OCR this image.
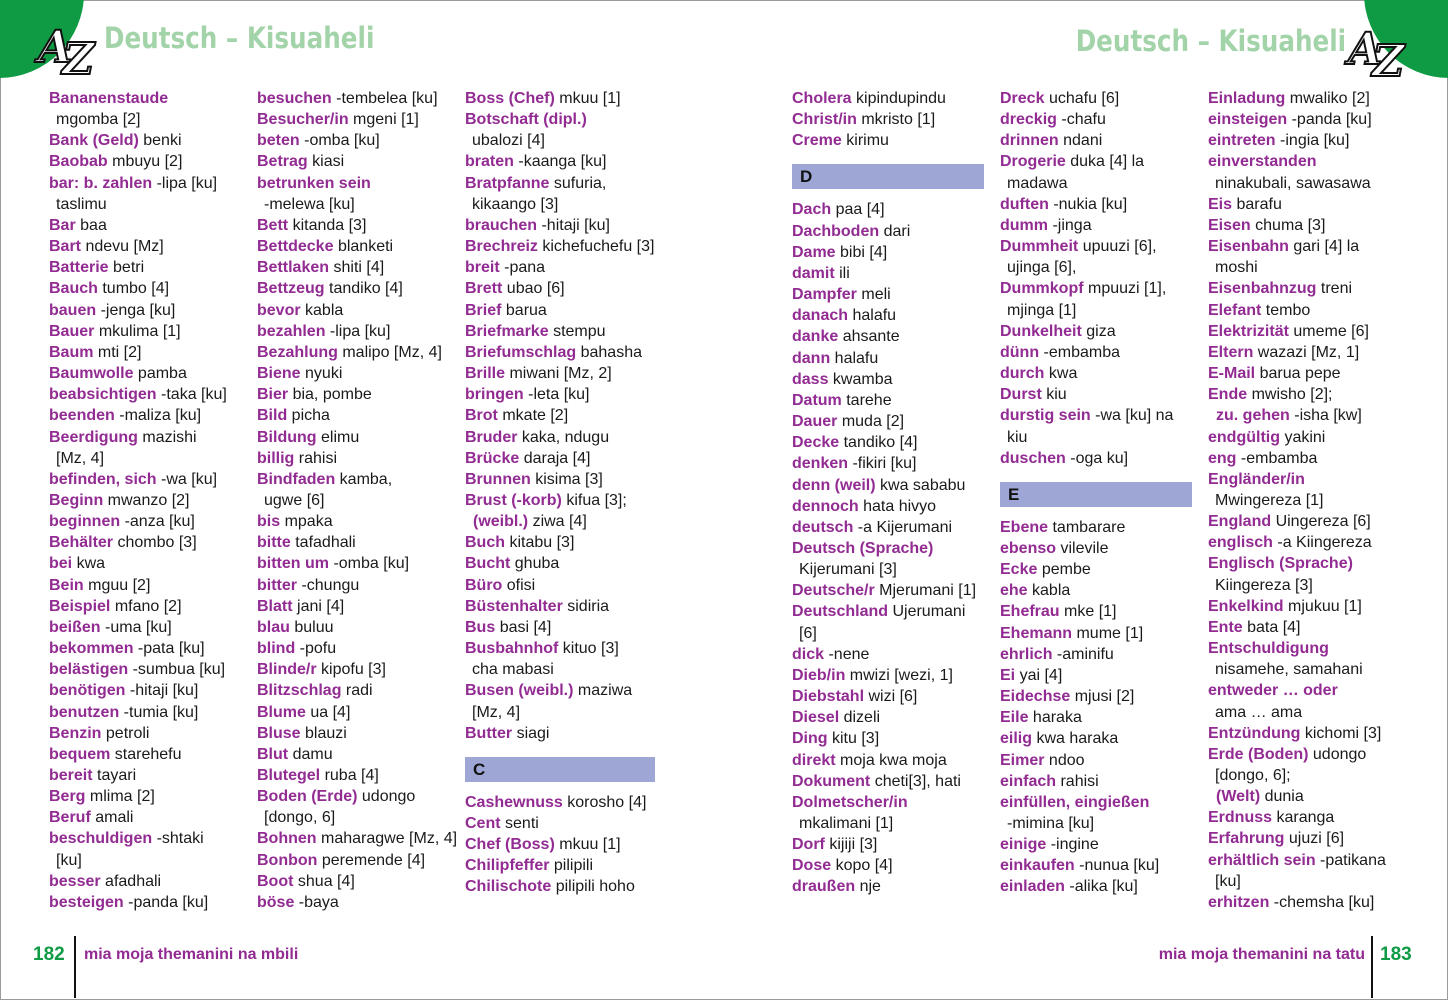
AZ	AZ
Deutsch – Kisuaheli	Deutsch – Kisuaheli
Bananenstaude
mgomba [2]
Bank (Geld) benki
Baobab mbuyu [2]
bar: b. zahlen -lipa [ku]
taslimu
Bar baa
Bart ndevu [Mz]
Batterie betri
Bauch tumbo [4]
bauen -jenga [ku]
Bauer mkulima [1]
Baum mti [2]
Baumwolle pamba
beabsichtigen -taka [ku]
beenden -maliza [ku]
Beerdigung mazishi
[Mz, 4]
befinden, sich -wa [ku]
Beginn mwanzo [2]
beginnen -anza [ku]
Behälter chombo [3]
bei kwa
Bein mguu [2]
Beispiel mfano [2]
beißen -uma [ku]
bekommen -pata [ku]
belästigen -sumbua [ku]
benötigen -hitaji [ku]
benutzen -tumia [ku]
Benzin petroli
bequem starehefu
bereit tayari
Berg mlima [2]
Beruf amali
beschuldigen -shtaki
[ku]
besser afadhali
besteigen -panda [ku]
besuchen -tembelea [ku]
Besucher/in mgeni [1]
beten -omba [ku]
Betrag kiasi
betrunken sein
-melewa [ku]
Bett kitanda [3]
Bettdecke blanketi
Bettlaken shiti [4]
Bettzeug tandiko [4]
bevor kabla
bezahlen -lipa [ku]
Bezahlung malipo [Mz, 4]
Biene nyuki
Bier bia, pombe
Bild picha
Bildung elimu
billig rahisi
Bindfaden kamba,
ugwe [6]
bis mpaka
bitte tafadhali
bitten um -omba [ku]
bitter -chungu
Blatt jani [4]
blau buluu
blind -pofu
Blinde/r kipofu [3]
Blitzschlag radi
Blume ua [4]
Bluse blauzi
Blut damu
Blutegel ruba [4]
Boden (Erde) udongo
[dongo, 6]
Bohnen maharagwe [Mz, 4]
Bonbon peremende [4]
Boot shua [4]
böse -baya
Boss (Chef) mkuu [1]
Botschaft (dipl.)
ubalozi [4]
braten -kaanga [ku]
Bratpfanne sufuria,
kikaango [3]
brauchen -hitaji [ku]
Brechreiz kichefuchefu [3]
breit -pana
Brett ubao [6]
Brief barua
Briefmarke stempu
Briefumschlag bahasha
Brille miwani [Mz, 2]
bringen -leta [ku]
Brot mkate [2]
Bruder kaka, ndugu
Brücke daraja [4]
Brunnen kisima [3]
Brust (-korb) kifua [3];
(weibl.) ziwa [4]
Buch kitabu [3]
Bucht ghuba
Büro ofisi
Büstenhalter sidiria
Bus basi [4]
Busbahnhof kituo [3]
cha mabasi
Busen (weibl.) maziwa
[Mz, 4]
Butter siagi
C
Cashewnuss korosho [4]
Cent senti
Chef (Boss) mkuu [1]
Chilipfeffer pilipili
Chilischote pilipili hoho
Cholera kipindupindu
Christ/in mkristo [1]
Creme kirimu
D
Dach paa [4]
Dachboden dari
Dame bibi [4]
damit ili
Dampfer meli
danach halafu
danke ahsante
dann halafu
dass kwamba
Datum tarehe
Dauer muda [2]
Decke tandiko [4]
denken -fikiri [ku]
denn (weil) kwa sababu
dennoch hata hivyo
deutsch -a Kijerumani
Deutsch (Sprache)
Kijerumani [3]
Deutsche/r Mjerumani [1]
Deutschland Ujerumani
[6]
dick -nene
Dieb/in mwizi [wezi, 1]
Diebstahl wizi [6]
Diesel dizeli
Ding kitu [3]
direkt moja kwa moja
Dokument cheti[3], hati
Dolmetscher/in
mkalimani [1]
Dorf kijiji [3]
Dose kopo [4]
draußen nje
Dreck uchafu [6]
dreckig -chafu
drinnen ndani
Drogerie duka [4] la
madawa
duften -nukia [ku]
dumm -jinga
Dummheit upuuzi [6],
ujinga [6],
Dummkopf mpuuzi [1],
mjinga [1]
Dunkelheit giza
dünn -embamba
durch kwa
Durst kiu
durstig sein -wa [ku] na
kiu
duschen -oga ku]
E
Ebene tambarare
ebenso vilevile
Ecke pembe
ehe kabla
Ehefrau mke [1]
Ehemann mume [1]
ehrlich -aminifu
Ei yai [4]
Eidechse mjusi [2]
Eile haraka
eilig kwa haraka
Eimer ndoo
einfach rahisi
einfüllen, eingießen
-mimina [ku]
einige -ingine
einkaufen -nunua [ku]
einladen -alika [ku]
Einladung mwaliko [2]
einsteigen -panda [ku]
eintreten -ingia [ku]
einverstanden
ninakubali, sawasawa
Eis barafu
Eisen chuma [3]
Eisenbahn gari [4] la
moshi
Eisenbahnzug treni
Elefant tembo
Elektrizität umeme [6]
Eltern wazazi [Mz, 1]
E-Mail barua pepe
Ende mwisho [2];
zu. gehen -isha [kw]
endgültig yakini
eng -embamba
Engländer/in
Mwingereza [1]
England Uingereza [6]
englisch -a Kiingereza
Englisch (Sprache)
Kiingereza [3]
Enkelkind mjukuu [1]
Ente bata [4]
Entschuldigung
nisamehe, samahani
entweder … oder
ama … ama
Entzündung kichomi [3]
Erde (Boden) udongo
[dongo, 6];
(Welt) dunia
Erdnuss karanga
Erfahrung ujuzi [6]
erhältlich sein -patikana
[ku]
erhitzen -chemsha [ku]
182 mia moja themanini na mbili	mia moja themanini na tatu 183
